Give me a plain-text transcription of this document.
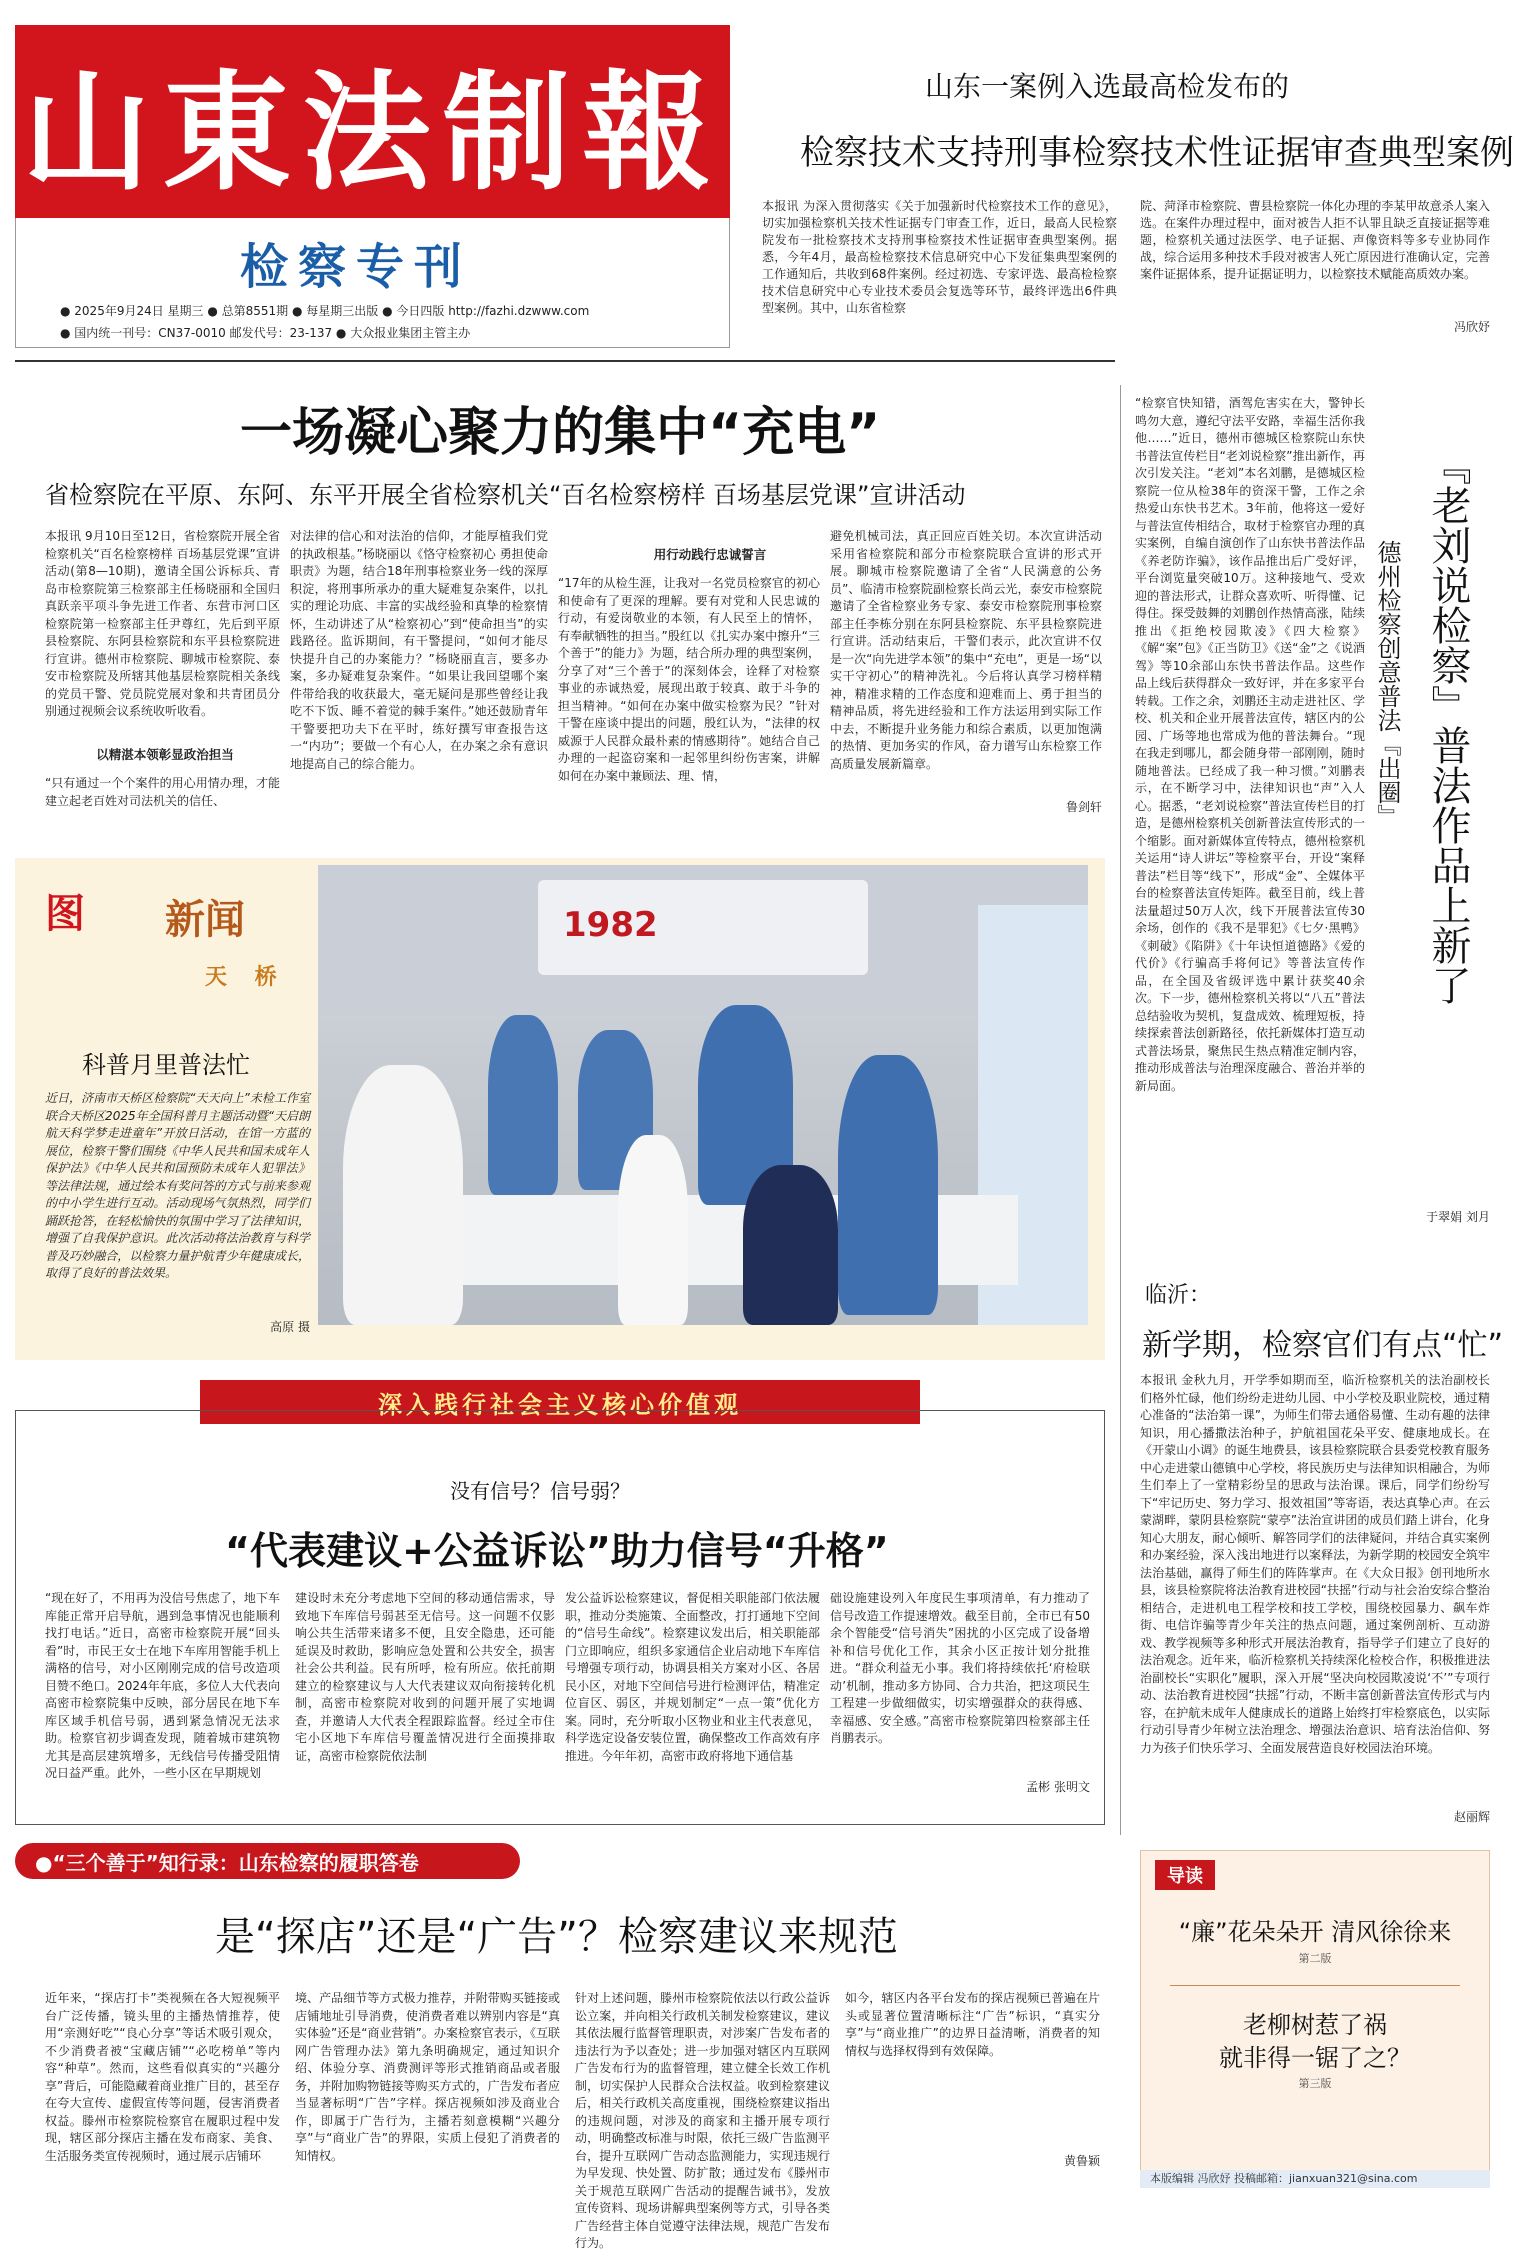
山東法制報
检察专刊
● 2025年9月24日 星期三 ● 总第8551期 ● 每星期三出版 ● 今日四版 http://fazhi.dzwww.com
● 国内统一刊号：CN37-0010 邮发代号：23-137 ● 大众报业集团主管主办
山东一案例入选最高检发布的
检察技术支持刑事检察技术性证据审查典型案例
本报讯 为深入贯彻落实《关于加强新时代检察技术工作的意见》，切实加强检察机关技术性证据专门审查工作，近日，最高人民检察院发布一批检察技术支持刑事检察技术性证据审查典型案例。据悉，今年4月，最高检检察技术信息研究中心下发征集典型案例的工作通知后，共收到68件案例。经过初选、专家评选、最高检检察技术信息研究中心专业技术委员会复选等环节，最终评选出6件典型案例。其中，山东省检察
院、菏泽市检察院、曹县检察院一体化办理的李某甲故意杀人案入选。在案件办理过程中，面对被告人拒不认罪且缺乏直接证据等难题，检察机关通过法医学、电子证据、声像资料等多专业协同作战，综合运用多种技术手段对被害人死亡原因进行准确认定，完善案件证据体系，提升证据证明力，以检察技术赋能高质效办案。
冯欣妤
一场凝心聚力的集中“充电”
省检察院在平原、东阿、东平开展全省检察机关“百名检察榜样 百场基层党课”宣讲活动
本报讯 9月10日至12日，省检察院开展全省检察机关“百名检察榜样 百场基层党课”宣讲活动(第8—10期)，邀请全国公诉标兵、青岛市检察院第三检察部主任杨晓丽和全国归真跃亲平项斗争先进工作者、东营市河口区检察院第一检察部主任尹尊红，先后到平原县检察院、东阿县检察院和东平县检察院进行宣讲。德州市检察院、聊城市检察院、泰安市检察院及所辖其他基层检察院相关条线的党员干警、党员院党展对象和共青团员分别通过视频会议系统收听收看。
以精湛本领彰显政治担当
“只有通过一个个案件的用心用情办理，才能建立起老百姓对司法机关的信任、
对法律的信心和对法治的信仰，才能厚植我们党的执政根基。”杨晓丽以《恪守检察初心 勇担使命职责》为题，结合18年刑事检察业务一线的深厚积淀，将刑事所承办的重大疑难复杂案件，以扎实的理论功底、丰富的实战经验和真挚的检察情怀，生动讲述了从“检察初心”到“使命担当”的实践路径。监诉期间，有干警提问，“如何才能尽快提升自己的办案能力？”杨晓丽直言，要多办案，多办疑难复杂案件。“如果让我回望哪个案件带给我的收获最大，毫无疑问是那些曾经让我吃不下饭、睡不着觉的棘手案件。”她还鼓励青年干警要把功夫下在平时，练好撰写审查报告这一“内功”；要做一个有心人，在办案之余有意识地提高自己的综合能力。
用行动践行忠诚誓言
“17年的从检生涯，让我对一名党员检察官的初心和使命有了更深的理解。要有对党和人民忠诚的行动，有爱岗敬业的本领，有人民至上的情怀，有奉献牺牲的担当。”殷红以《扎实办案中擦升“三个善于”的能力》为题，结合所办理的典型案例，分享了对“三个善于”的深刻体会，诠释了对检察事业的赤诚热爱，展现出敢于较真、敢于斗争的担当精神。“如何在办案中做实检察为民？”针对干警在座谈中提出的问题，殷红认为，“法律的权威源于人民群众最朴素的情感期待”。她结合自己办理的一起盗窃案和一起邻里纠纷伤害案，讲解如何在办案中兼顾法、理、情，
避免机械司法，真正回应百姓关切。本次宣讲活动采用省检察院和部分市检察院联合宣讲的形式开展。聊城市检察院邀请了全省“人民满意的公务员”、临清市检察院副检察长尚云光，泰安市检察院邀请了全省检察业务专家、泰安市检察院刑事检察部主任李栋分别在东阿县检察院、东平县检察院进行宣讲。活动结束后，干警们表示，此次宣讲不仅是一次“向先进学本领”的集中“充电”，更是一场“以实干守初心”的精神洗礼。今后将认真学习榜样精神，精准求精的工作态度和迎难而上、勇于担当的精神品质，将先进经验和工作方法运用到实际工作中去，不断提升业务能力和综合素质，以更加饱满的热情、更加务实的作风，奋力谱写山东检察工作高质量发展新篇章。
鲁剑轩
“检察官快知错，酒驾危害实在大，警钟长鸣勿大意，遵纪守法平安路，幸福生活你我他……”近日，德州市德城区检察院山东快书普法宣传栏目“老刘说检察”推出新作，再次引发关注。“老刘”本名刘鹏，是德城区检察院一位从检38年的资深干警，工作之余热爱山东快书艺术。3年前，他将这一爱好与普法宣传相结合，取材于检察官办理的真实案例，自编自演创作了山东快书普法作品《养老防诈骗》，该作品推出后广受好评，平台浏览量突破10万。这种接地气、受欢迎的普法形式，让群众喜欢听、听得懂、记得住。探受鼓舞的刘鹏创作热情高涨，陆续推出《拒绝校园欺凌》《四大检察》《解“案”包》《正当防卫》《送“金”之《说酒驾》等10余部山东快书普法作品。这些作品上线后获得群众一致好评，并在多家平台转载。工作之余，刘鹏还主动走进社区、学校、机关和企业开展普法宣传，辖区内的公园、广场等地也常成为他的普法舞台。“现在我走到哪儿，都会随身带一部刚刚，随时随地普法。已经成了我一种习惯。”刘鹏表示，在不断学习中，法律知识也“声”入人心。据悉，“老刘说检察”普法宣传栏目的打造，是德州检察机关创新普法宣传形式的一个缩影。面对新媒体宣传特点，德州检察机关运用“诗人讲坛”等检察平台，开设“案释普法”栏目等“线下”，形成“金”、全媒体平台的检察普法宣传矩阵。截至目前，线上普法量超过50万人次，线下开展普法宣传30余场，创作的《我不是罪犯》《七夕·黑鸭》《刺破》《陷阱》《十年诀恒道德路》《爱的代价》《行骗高手将何记》等普法宣传作品，在全国及省级评选中累计获奖40余次。下一步，德州检察机关将以“八五”普法总结验收为契机，复盘成效、梳理短板，持续探索普法创新路径，依托新媒体打造互动式普法场景，聚焦民生热点精准定制内容，推动形成普法与治理深度融合、普治并举的新局面。
『老刘说检察』普法作品上新了
德州检察创意普法『出圈』
于翠娟 刘月
图 新闻
天 桥
科普月里普法忙
近日，济南市天桥区检察院“天天向上”未检工作室联合天桥区2025年全国科普月主题活动暨“天启朗航天科学梦走进童年”开放日活动，在馆一方蓝的展位，检察干警们围绕《中华人民共和国未成年人保护法》《中华人民共和国预防未成年人犯罪法》等法律法规，通过绘本有奖问答的方式与前来参观的中小学生进行互动。活动现场气氛热烈，同学们踊跃抢答，在轻松愉快的氛围中学习了法律知识，增强了自我保护意识。此次活动将法治教育与科学普及巧妙融合，以检察力量护航青少年健康成长，取得了良好的普法效果。
高原 摄
1982
深入践行社会主义核心价值观
没有信号？信号弱？
“代表建议+公益诉讼”助力信号“升格”
“现在好了，不用再为没信号焦虑了，地下车库能正常开启导航，遇到急事情况也能顺利找打电话。”近日，高密市检察院开展“回头看”时，市民王女士在地下车库用智能手机上满格的信号，对小区刚刚完成的信号改造项目赞不绝口。2024年年底，多位人大代表向高密市检察院集中反映，部分居民在地下车库区域手机信号弱，遇到紧急情况无法求助。检察官初步调查发现，随着城市建筑物尤其是高层建筑增多，无线信号传播受阻情况日益严重。此外，一些小区在早期规划
建设时未充分考虑地下空间的移动通信需求，导致地下车库信号弱甚至无信号。这一问题不仅影响公共生活带来诸多不便，且安全隐患，还可能延误及时救助，影响应急处置和公共安全，损害社会公共利益。民有所呼，检有所应。依托前期建立的检察建议与人大代表建议双向衔接转化机制，高密市检察院对收到的问题开展了实地调查，并邀请人大代表全程跟踪监督。经过全市住宅小区地下车库信号覆盖情况进行全面摸排取证，高密市检察院依法制
发公益诉讼检察建议，督促相关职能部门依法履职，推动分类施策、全面整改，打打通地下空间的“信号生命线”。检察建议发出后，相关职能部门立即响应，组织多家通信企业启动地下车库信号增强专项行动，协调县相关方案对小区、各居民小区，对地下空间信号进行检测评估，精准定位盲区、弱区，并规划制定“一点一策”优化方案。同时，充分听取小区物业和业主代表意见，科学选定设备安装位置，确保整改工作高效有序推进。今年年初，高密市政府将地下通信基
础设施建设列入年度民生事项清单，有力推动了信号改造工作提速增效。截至目前，全市已有50余个智能受“信号消失”困扰的小区完成了设备增补和信号优化工作，其余小区正按计划分批推进。“群众利益无小事。我们将持续依托‘府检联动’机制，推动多方协同、合力共治，把这项民生工程建一步做细做实，切实增强群众的获得感、幸福感、安全感。”高密市检察院第四检察部主任肖鹏表示。
孟彬 张明文
临沂：
新学期，检察官们有点“忙”
本报讯 金秋九月，开学季如期而至，临沂检察机关的法治副校长们格外忙碌，他们纷纷走进幼儿园、中小学校及职业院校，通过精心准备的“法治第一课”，为师生们带去通俗易懂、生动有趣的法律知识，用心播撒法治种子，护航祖国花朵平安、健康地成长。在《开蒙山小调》的诞生地费县，该县检察院联合县委党校教育服务中心走进蒙山德镇中心学校，将民族历史与法律知识相融合，为师生们奉上了一堂精彩纷呈的思政与法治课。课后，同学们纷纷写下“牢记历史、努力学习、报效祖国”等寄语，表达真挚心声。在云蒙湖畔，蒙阴县检察院“蒙亭”法治宣讲团的成员们踏上讲台，化身知心大朋友，耐心倾听、解答同学们的法律疑问，并结合真实案例和办案经验，深入浅出地进行以案释法，为新学期的校园安全筑牢法治基础，赢得了师生们的阵阵掌声。在《大众日报》创刊地所水县，该县检察院将法治教育进校园“扶摇”行动与社会治安综合整治相结合，走进机电工程学校和技工学校，围绕校园暴力、飙车炸街、电信诈骗等青少年关注的热点问题，通过案例剖析、互动游戏、教学视频等多种形式开展法治教育，指导学子们建立了良好的法治观念。近年来，临沂检察机关持续深化检校合作，积极推进法治副校长“实职化”履职，深入开展“坚决向校园欺凌说‘不’”专项行动、法治教育进校园“扶摇”行动，不断丰富创新普法宣传形式与内容，在护航未成年人健康成长的道路上始终打牢检察底色，以实际行动引导青少年树立法治理念、增强法治意识、培育法治信仰、努力为孩子们快乐学习、全面发展营造良好校园法治环境。
赵丽辉
●“三个善于”知行录：山东检察的履职答卷
是“探店”还是“广告”？检察建议来规范
近年来，“探店打卡”类视频在各大短视频平台广泛传播，镜头里的主播热情推荐，使用“亲测好吃”“良心分享”等话术吸引观众，不少消费者被“宝藏店铺”“必吃榜单”等内容“种草”。然而，这些看似真实的“兴趣分享”背后，可能隐藏着商业推广目的，甚至存在夸大宣传、虚假宣传等问题，侵害消费者权益。滕州市检察院检察官在履职过程中发现，辖区部分探店主播在发布商家、美食、生活服务类宣传视频时，通过展示店铺环
境、产品细节等方式极力推荐，并附带购买链接或店铺地址引导消费，使消费者难以辨别内容是“真实体验”还是“商业营销”。办案检察官表示，《互联网广告管理办法》第九条明确规定，通过知识介绍、体验分享、消费测评等形式推销商品或者服务，并附加购物链接等购买方式的，广告发布者应当显著标明“广告”字样。探店视频如涉及商业合作，即属于广告行为，主播若刻意模糊“兴趣分享”与“商业广告”的界限，实质上侵犯了消费者的知情权。
针对上述问题，滕州市检察院依法以行政公益诉讼立案，并向相关行政机关制发检察建议，建议其依法履行监督管理职责，对涉案广告发布者的违法行为予以查处；进一步加强对辖区内互联网广告发布行为的监督管理，建立健全长效工作机制，切实保护人民群众合法权益。收到检察建议后，相关行政机关高度重视，围绕检察建议指出的违规问题，对涉及的商家和主播开展专项行动，明确整改标准与时限，依托三级广告监测平台，提升互联网广告动态监测能力，实现违规行为早发现、快处置、防扩散；通过发布《滕州市关于规范互联网广告活动的提醒告诫书》，发放宣传资料、现场讲解典型案例等方式，引导各类广告经营主体自觉遵守法律法规，规范广告发布行为。
如今，辖区内各平台发布的探店视频已普遍在片头或显著位置清晰标注“广告”标识，“真实分享”与“商业推广”的边界日益清晰，消费者的知情权与选择权得到有效保障。
黄鲁颖
导读
“廉”花朵朵开 清风徐徐来
第二版
老柳树惹了祸
就非得一锯了之？
第三版
本版编辑 冯欣妤 投稿邮箱：jianxuan321@sina.com
